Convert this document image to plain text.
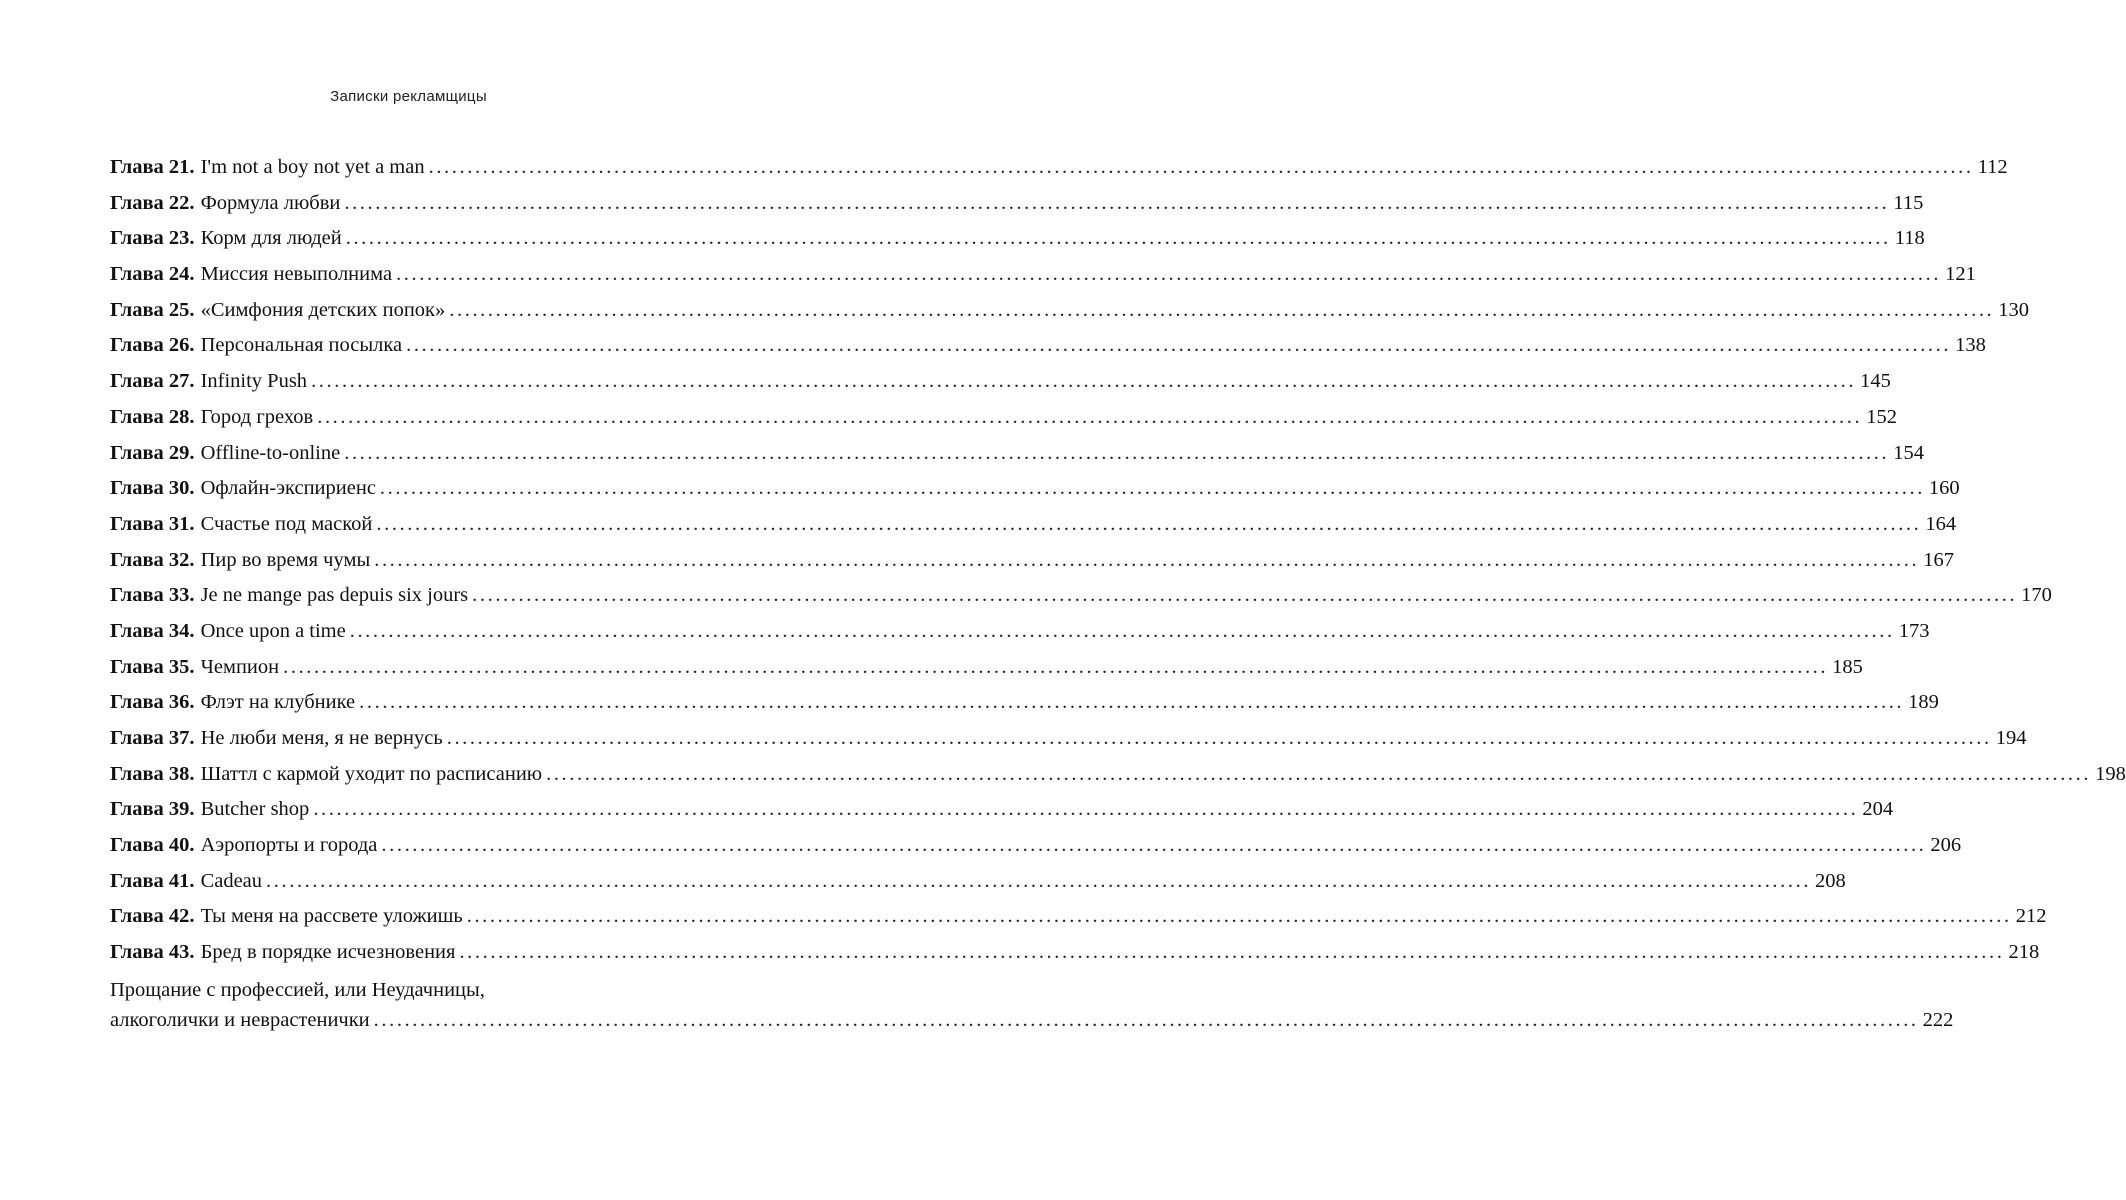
Записки рекламщицы
Глава 21. I'm not a boy not yet a man ........................................................................................................................................................................................................ 112
Глава 22. Формула любви ........................................................................................................................................................................................................ 115
Глава 23. Корм для людей ........................................................................................................................................................................................................ 118
Глава 24. Миссия невыполнима ........................................................................................................................................................................................................ 121
Глава 25. «Симфония детских попок» ........................................................................................................................................................................................................ 130
Глава 26. Персональная посылка ........................................................................................................................................................................................................ 138
Глава 27. Infinity Push ........................................................................................................................................................................................................ 145
Глава 28. Город грехов ........................................................................................................................................................................................................ 152
Глава 29. Offline-to-online ........................................................................................................................................................................................................ 154
Глава 30. Офлайн-экспириенс ........................................................................................................................................................................................................ 160
Глава 31. Счастье под маской ........................................................................................................................................................................................................ 164
Глава 32. Пир во время чумы ........................................................................................................................................................................................................ 167
Глава 33. Je ne mange pas depuis six jours ........................................................................................................................................................................................................ 170
Глава 34. Once upon a time ........................................................................................................................................................................................................ 173
Глава 35. Чемпион ........................................................................................................................................................................................................ 185
Глава 36. Флэт на клубнике ........................................................................................................................................................................................................ 189
Глава 37. Не люби меня, я не вернусь ........................................................................................................................................................................................................ 194
Глава 38. Шаттл с кармой уходит по расписанию ........................................................................................................................................................................................................ 198
Глава 39. Butcher shop ........................................................................................................................................................................................................ 204
Глава 40. Аэропорты и города ........................................................................................................................................................................................................ 206
Глава 41. Cadeau ........................................................................................................................................................................................................ 208
Глава 42. Ты меня на рассвете уложишь ........................................................................................................................................................................................................ 212
Глава 43. Бред в порядке исчезновения ........................................................................................................................................................................................................ 218
Прощание с профессией, или Неудачницы,
алкоголички и неврастенички ........................................................................................................................................................................................................ 222
